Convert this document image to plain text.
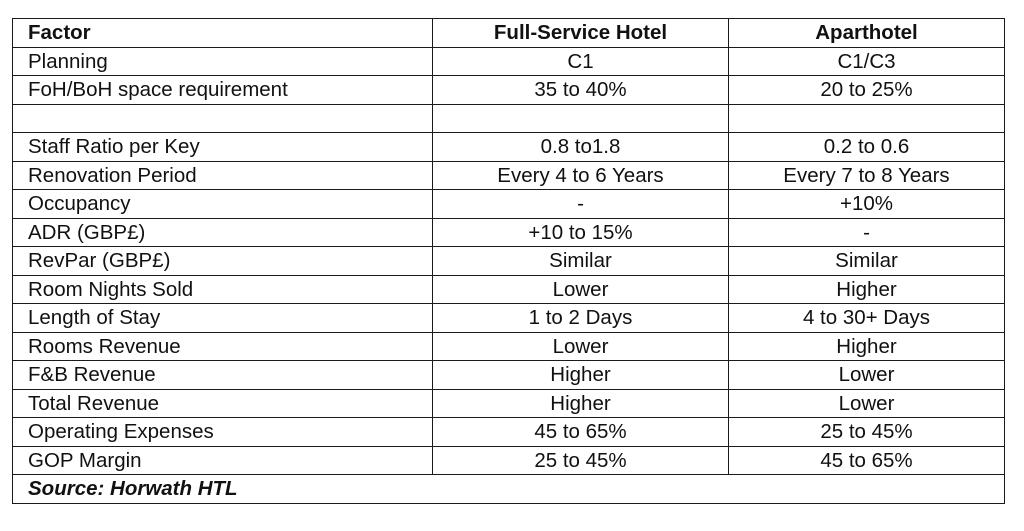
Factor	Full-Service Hotel	Aparthotel
Planning	C1	C1/C3
FoH/BoH space requirement	35 to 40%	20 to 25%

Staff Ratio per Key	0.8 to1.8	0.2 to 0.6
Renovation Period	Every 4 to 6 Years	Every 7 to 8 Years
Occupancy	-	+10%
ADR (GBP£)	+10 to 15%	-
RevPar (GBP£)	Similar	Similar
Room Nights Sold	Lower	Higher
Length of Stay	1 to 2 Days	4 to 30+ Days
Rooms Revenue	Lower	Higher
F&B Revenue	Higher	Lower
Total Revenue	Higher	Lower
Operating Expenses	45 to 65%	25 to 45%
GOP Margin	25 to 45%	45 to 65%
Source: Horwath HTL		
